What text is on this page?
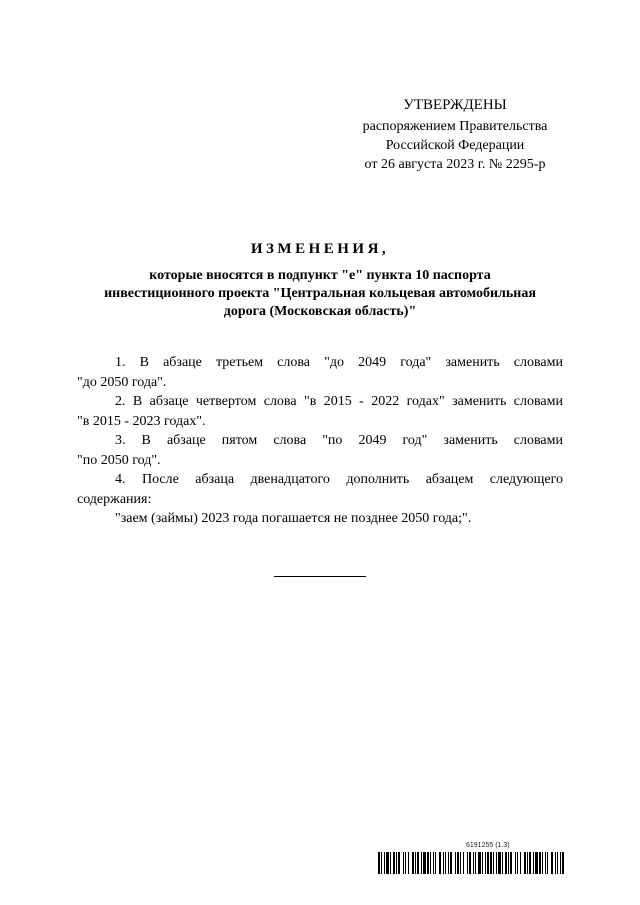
УТВЕРЖДЕНЫ
распоряжением Правительства
Российской Федерации
от 26 августа 2023 г. № 2295-р
ИЗМЕНЕНИЯ,
которые вносятся в подпункт "е" пункта 10 паспорта
инвестиционного проекта "Центральная кольцевая автомобильная
дорога (Московская область)"

1. В абзаце третьем слова "до 2049 года" заменить словами

"до 2050 года".

2. В абзаце четвертом слова "в 2015 - 2022 годах" заменить словами

"в 2015 - 2023 годах".

3. В абзаце пятом слова "по 2049 год" заменить словами

"по 2050 год".

4. После абзаца двенадцатого дополнить абзацем следующего

содержания:

"заем (займы) 2023 года погашается не позднее 2050 года;".

6191255 (1.3)
